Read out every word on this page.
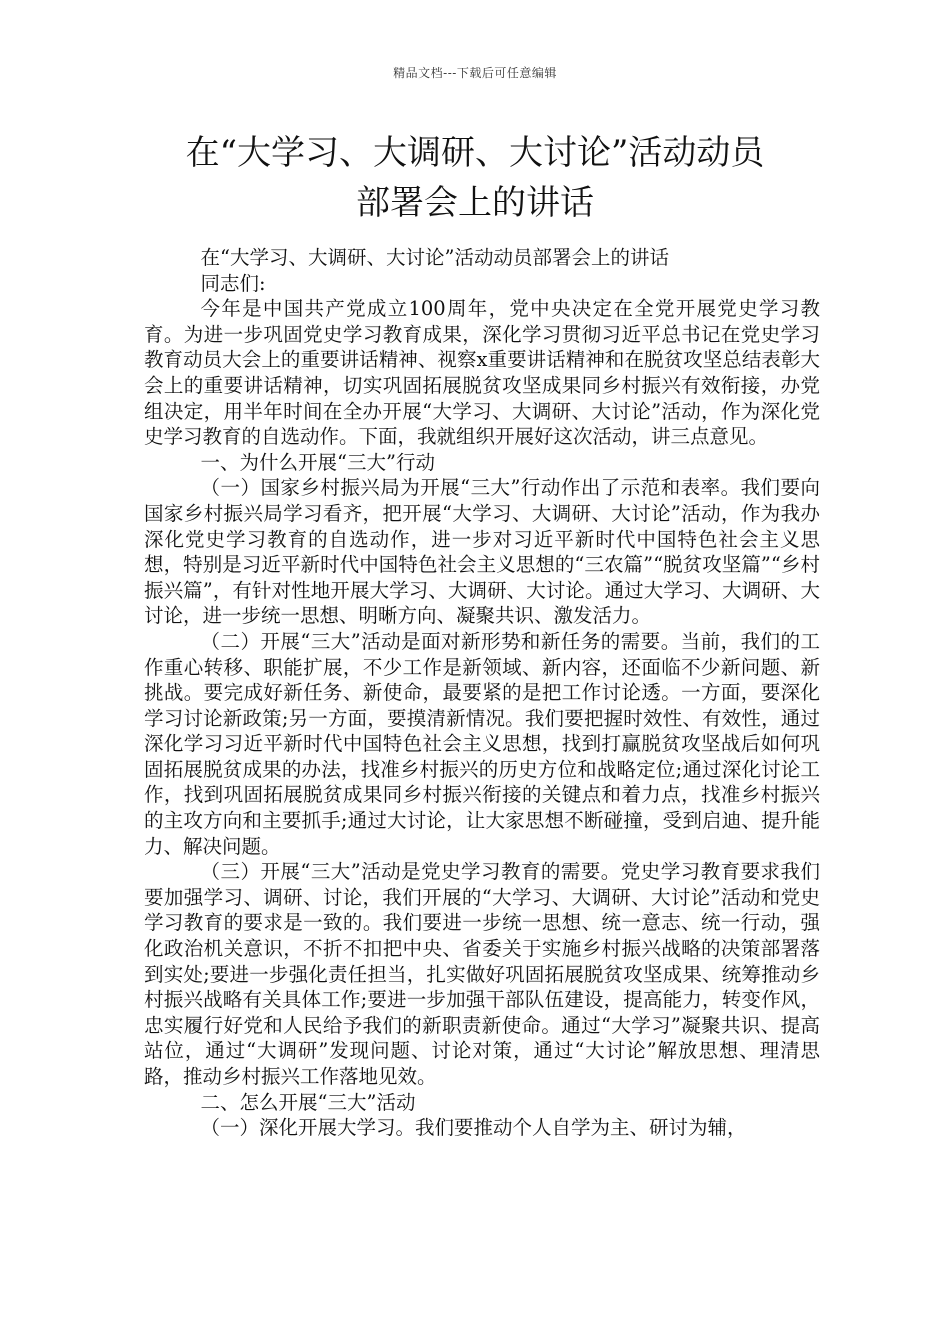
精品文档---下载后可任意编辑
在“大学习、大调研、大讨论”活动动员
部署会上的讲话

在“大学习、大调研、大讨论”活动动员部署会上的讲话

同志们:

今年是中国共产党成立100周年，党中央决定在全党开展党史学习教育。为进一步巩固党史学习教育成果，深化学习贯彻习近平总书记在党史学习教育动员大会上的重要讲话精神、视察x重要讲话精神和在脱贫攻坚总结表彰大会上的重要讲话精神，切实巩固拓展脱贫攻坚成果同乡村振兴有效衔接，办党组决定，用半年时间在全办开展“大学习、大调研、大讨论”活动，作为深化党史学习教育的自选动作。下面，我就组织开展好这次活动，讲三点意见。

一、为什么开展“三大”行动

（一）国家乡村振兴局为开展“三大”行动作出了示范和表率。我们要向国家乡村振兴局学习看齐，把开展“大学习、大调研、大讨论”活动，作为我办深化党史学习教育的自选动作，进一步对习近平新时代中国特色社会主义思想，特别是习近平新时代中国特色社会主义思想的“三农篇”“脱贫攻坚篇”“乡村振兴篇”，有针对性地开展大学习、大调研、大讨论。通过大学习、大调研、大讨论，进一步统一思想、明晰方向、凝聚共识、激发活力。

（二）开展“三大”活动是面对新形势和新任务的需要。当前，我们的工作重心转移、职能扩展，不少工作是新领域、新内容，还面临不少新问题、新挑战。要完成好新任务、新使命，最要紧的是把工作讨论透。一方面，要深化学习讨论新政策;另一方面，要摸清新情况。我们要把握时效性、有效性，通过深化学习习近平新时代中国特色社会主义思想，找到打赢脱贫攻坚战后如何巩固拓展脱贫成果的办法，找准乡村振兴的历史方位和战略定位;通过深化讨论工作，找到巩固拓展脱贫成果同乡村振兴衔接的关键点和着力点，找准乡村振兴的主攻方向和主要抓手;通过大讨论，让大家思想不断碰撞，受到启迪、提升能力、解决问题。

（三）开展“三大”活动是党史学习教育的需要。党史学习教育要求我们要加强学习、调研、讨论，我们开展的“大学习、大调研、大讨论”活动和党史学习教育的要求是一致的。我们要进一步统一思想、统一意志、统一行动，强化政治机关意识，不折不扣把中央、省委关于实施乡村振兴战略的决策部署落到实处;要进一步强化责任担当，扎实做好巩固拓展脱贫攻坚成果、统筹推动乡村振兴战略有关具体工作;要进一步加强干部队伍建设，提高能力，转变作风，忠实履行好党和人民给予我们的新职责新使命。通过“大学习”凝聚共识、提高站位，通过“大调研”发现问题、讨论对策，通过“大讨论”解放思想、理清思路，推动乡村振兴工作落地见效。

二、怎么开展“三大”活动

（一）深化开展大学习。我们要推动个人自学为主、研讨为辅，
